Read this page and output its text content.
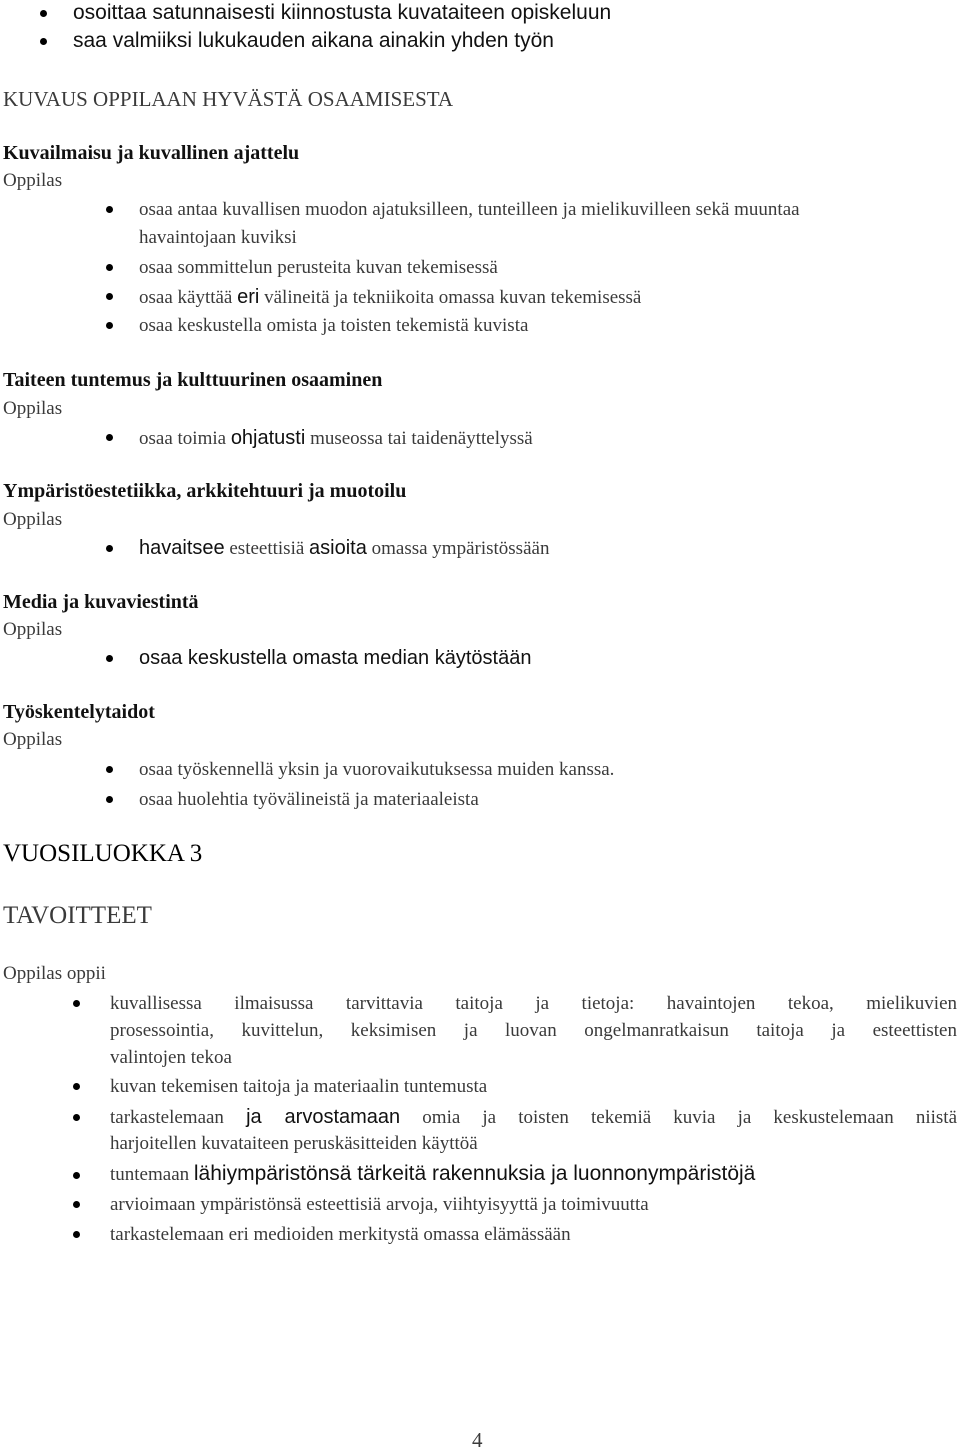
osoittaa satunnaisesti kiinnostusta kuvataiteen opiskeluun
saa valmiiksi lukukauden aikana ainakin yhden työn
KUVAUS OPPILAAN HYVÄSTÄ OSAAMISESTA
Kuvailmaisu ja kuvallinen ajattelu
Oppilas
osaa antaa kuvallisen muodon ajatuksilleen, tunteilleen ja mielikuvilleen sekä muuntaa
havaintojaan kuviksi
osaa sommittelun perusteita kuvan tekemisessä
osaa käyttää eri välineitä ja tekniikoita omassa kuvan tekemisessä
osaa keskustella omista ja toisten tekemistä kuvista
Taiteen tuntemus ja kulttuurinen osaaminen
Oppilas
osaa toimia ohjatusti museossa tai taidenäyttelyssä
Ympäristöestetiikka, arkkitehtuuri ja muotoilu
Oppilas
havaitsee esteettisiä asioita omassa ympäristössään
Media ja kuvaviestintä
Oppilas
osaa keskustella omasta median käytöstään
Työskentelytaidot
Oppilas
osaa työskennellä yksin ja vuorovaikutuksessa muiden kanssa.
osaa huolehtia työvälineistä ja materiaaleista
VUOSILUOKKA 3
TAVOITTEET
Oppilas oppii
kuvallisessa ilmaisussa tarvittavia taitoja ja tietoja: havaintojen tekoa, mielikuvien
prosessointia, kuvittelun, keksimisen ja luovan ongelmanratkaisun taitoja ja esteettisten
valintojen tekoa
kuvan tekemisen taitoja ja materiaalin tuntemusta
tarkastelemaan ja arvostamaan omia ja toisten tekemiä kuvia ja keskustelemaan niistä
harjoitellen kuvataiteen peruskäsitteiden käyttöä
tuntemaan lähiympäristönsä tärkeitä rakennuksia ja luonnonympäristöjä
arvioimaan ympäristönsä esteettisiä arvoja, viihtyisyyttä ja toimivuutta
tarkastelemaan eri medioiden merkitystä omassa elämässään
4
